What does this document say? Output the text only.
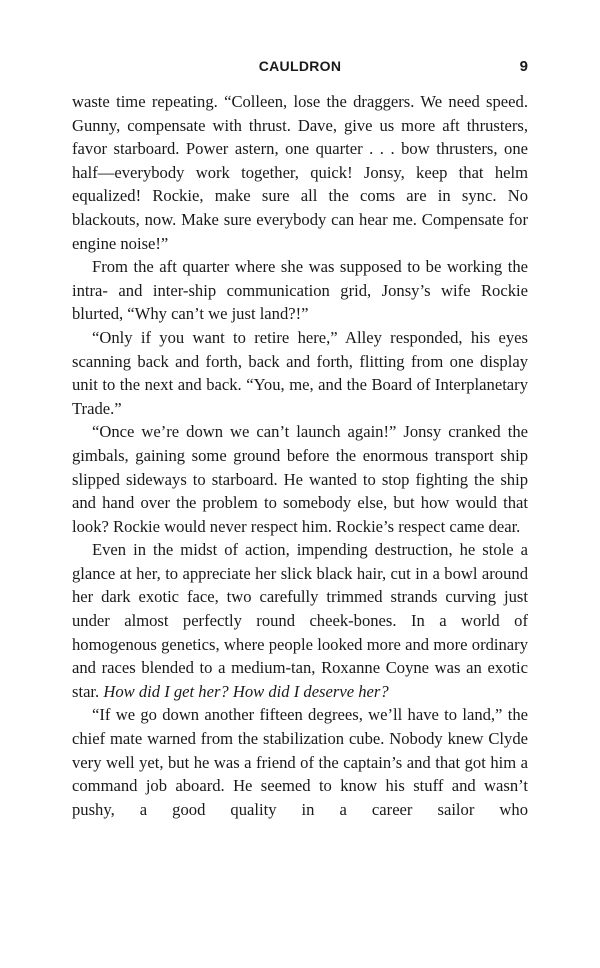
CAULDRON	9

waste time repeating. “Colleen, lose the draggers. We need speed. Gunny, compensate with thrust. Dave, give us more aft thrusters, favor starboard. Power astern, one quarter . . . bow thrusters, one half—everybody work together, quick! Jonsy, keep that helm equalized! Rockie, make sure all the coms are in sync. No blackouts, now. Make sure everybody can hear me. Compensate for engine noise!”

From the aft quarter where she was supposed to be working the intra- and inter-ship communication grid, Jonsy’s wife Rockie blurted, “Why can’t we just land?!”

“Only if you want to retire here,” Alley responded, his eyes scanning back and forth, back and forth, flitting from one display unit to the next and back. “You, me, and the Board of Interplanetary Trade.”

“Once we’re down we can’t launch again!” Jonsy cranked the gimbals, gaining some ground before the enormous transport ship slipped sideways to starboard. He wanted to stop fighting the ship and hand over the problem to somebody else, but how would that look? Rockie would never respect him. Rockie’s respect came dear.

Even in the midst of action, impending destruction, he stole a glance at her, to appreciate her slick black hair, cut in a bowl around her dark exotic face, two carefully trimmed strands curving just under almost perfectly round cheek-bones. In a world of homogenous genetics, where people looked more and more ordinary and races blended to a medium-tan, Roxanne Coyne was an exotic star. How did I get her? How did I deserve her?

“If we go down another fifteen degrees, we’ll have to land,” the chief mate warned from the stabilization cube. Nobody knew Clyde very well yet, but he was a friend of the captain’s and that got him a command job aboard. He seemed to know his stuff and wasn’t pushy, a good quality in a career sailor who
